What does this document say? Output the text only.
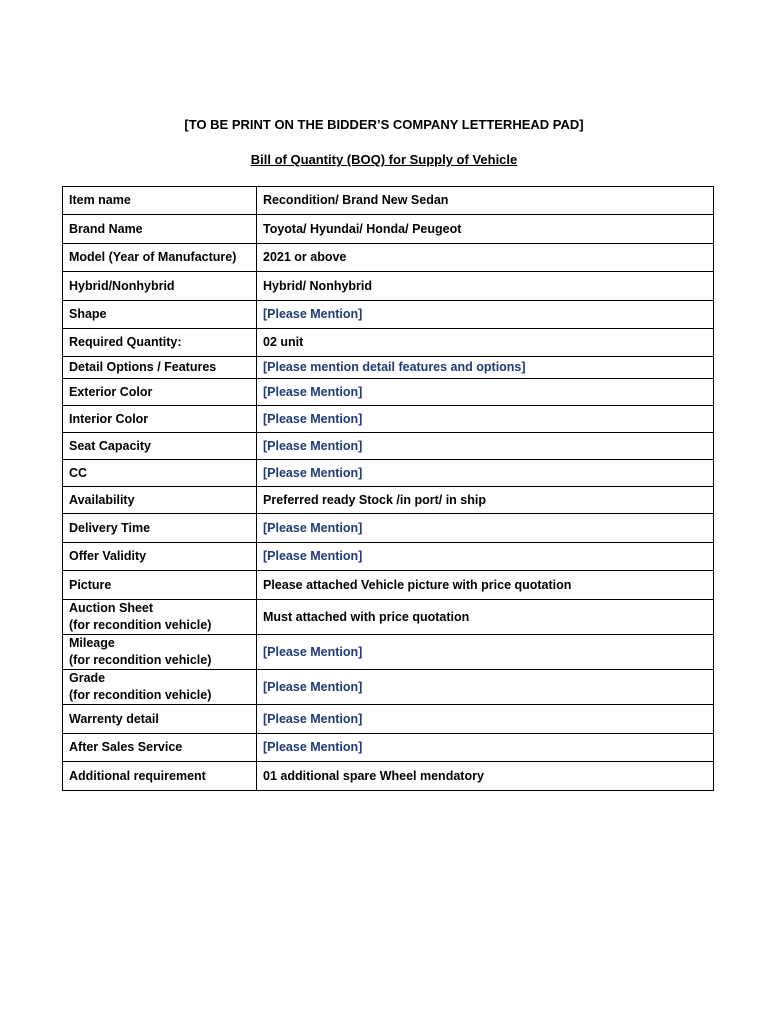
[TO BE PRINT ON THE BIDDER’S COMPANY LETTERHEAD PAD]
Bill of Quantity (BOQ) for Supply of Vehicle
Item name	Recondition/ Brand New Sedan
Brand Name	Toyota/ Hyundai/ Honda/ Peugeot
Model (Year of Manufacture)	2021 or above
Hybrid/Nonhybrid	Hybrid/ Nonhybrid
Shape	[Please Mention]
Required Quantity:	02 unit
Detail Options / Features	[Please mention detail features and options]
Exterior Color	[Please Mention]
Interior Color	[Please Mention]
Seat Capacity	[Please Mention]
CC	[Please Mention]
Availability	Preferred ready Stock /in port/ in ship
Delivery Time	[Please Mention]
Offer Validity	[Please Mention]
Picture	Please attached Vehicle picture with price quotation

Auction Sheet
(for recondition vehicle)	Must attached with price quotation

Mileage
(for recondition vehicle)	[Please Mention]

Grade
(for recondition vehicle)	[Please Mention]
Warrenty detail	[Please Mention]
After Sales Service	[Please Mention]
Additional requirement	01 additional spare Wheel mendatory
